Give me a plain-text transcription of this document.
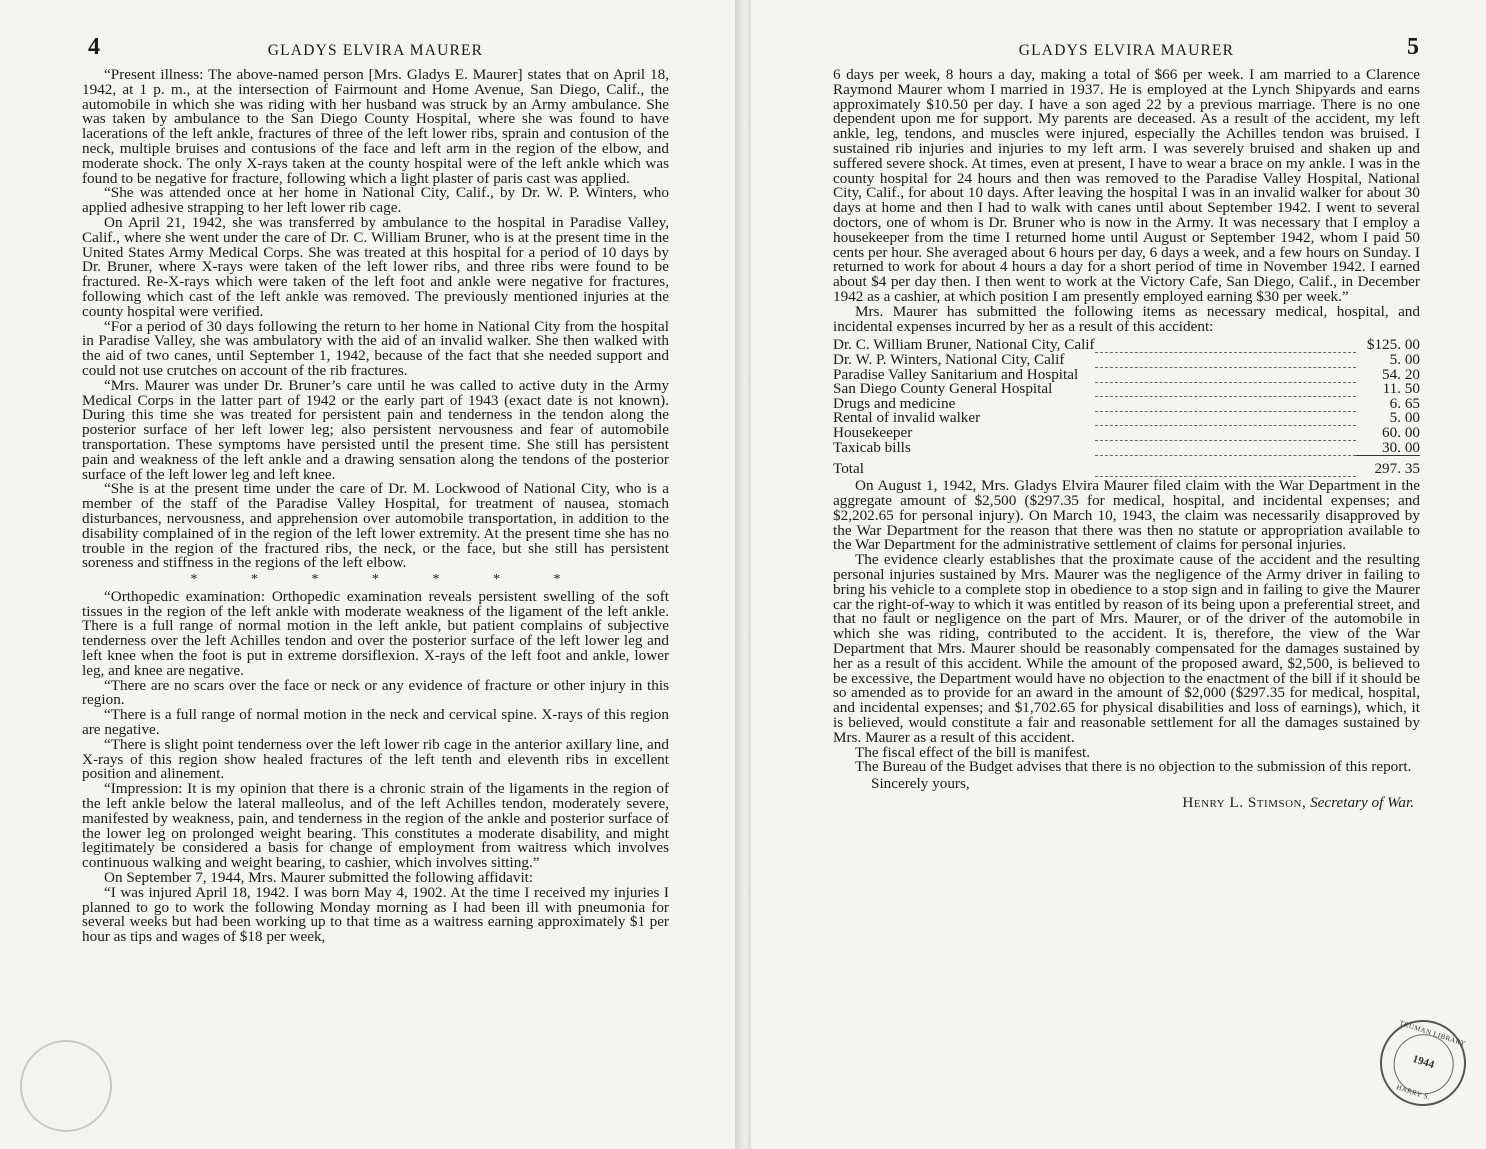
4	GLADYS ELVIRA MAURER

“Present illness: The above-named person [Mrs. Gladys E. Maurer] states that on April 18, 1942, at 1 p. m., at the intersection of Fairmount and Home Avenue, San Diego, Calif., the automobile in which she was riding with her husband was struck by an Army ambulance. She was taken by ambulance to the San Diego County Hospital, where she was found to have lacerations of the left ankle, fractures of three of the left lower ribs, sprain and contusion of the neck, multiple bruises and contusions of the face and left arm in the region of the elbow, and moderate shock. The only X-rays taken at the county hospital were of the left ankle which was found to be negative for fracture, following which a light plaster of paris cast was applied.

“She was attended once at her home in National City, Calif., by Dr. W. P. Winters, who applied adhesive strapping to her left lower rib cage.

On April 21, 1942, she was transferred by ambulance to the hospital in Paradise Valley, Calif., where she went under the care of Dr. C. William Bruner, who is at the present time in the United States Army Medical Corps. She was treated at this hospital for a period of 10 days by Dr. Bruner, where X-rays were taken of the left lower ribs, and three ribs were found to be fractured. Re-X-rays which were taken of the left foot and ankle were negative for fractures, following which cast of the left ankle was removed. The previously mentioned injuries at the county hospital were verified.

“For a period of 30 days following the return to her home in National City from the hospital in Paradise Valley, she was ambulatory with the aid of an invalid walker. She then walked with the aid of two canes, until September 1, 1942, because of the fact that she needed support and could not use crutches on account of the rib fractures.

“Mrs. Maurer was under Dr. Bruner’s care until he was called to active duty in the Army Medical Corps in the latter part of 1942 or the early part of 1943 (exact date is not known). During this time she was treated for persistent pain and tenderness in the tendon along the posterior surface of her left lower leg; also persistent nervousness and fear of automobile transportation. These symptoms have persisted until the present time. She still has persistent pain and weakness of the left ankle and a drawing sensation along the tendons of the posterior surface of the left lower leg and left knee.

“She is at the present time under the care of Dr. M. Lockwood of National City, who is a member of the staff of the Paradise Valley Hospital, for treatment of nausea, stomach disturbances, nervousness, and apprehension over automobile transportation, in addition to the disability complained of in the region of the left lower extremity. At the present time she has no trouble in the region of the fractured ribs, the neck, or the face, but she still has persistent soreness and stiffness in the regions of the left elbow.

* * * * * * *

“Orthopedic examination: Orthopedic examination reveals persistent swelling of the soft tissues in the region of the left ankle with moderate weakness of the ligament of the left ankle. There is a full range of normal motion in the left ankle, but patient complains of subjective tenderness over the left Achilles tendon and over the posterior surface of the left lower leg and left knee when the foot is put in extreme dorsiflexion. X-rays of the left foot and ankle, lower leg, and knee are negative.

“There are no scars over the face or neck or any evidence of fracture or other injury in this region.

“There is a full range of normal motion in the neck and cervical spine. X-rays of this region are negative.

“There is slight point tenderness over the left lower rib cage in the anterior axillary line, and X-rays of this region show healed fractures of the left tenth and eleventh ribs in excellent position and alinement.

“Impression: It is my opinion that there is a chronic strain of the ligaments in the region of the left ankle below the lateral malleolus, and of the left Achilles tendon, moderately severe, manifested by weakness, pain, and tenderness in the region of the ankle and posterior surface of the lower leg on prolonged weight bearing. This constitutes a moderate disability, and might legitimately be considered a basis for change of employment from waitress which involves continuous walking and weight bearing, to cashier, which involves sitting.”

On September 7, 1944, Mrs. Maurer submitted the following affidavit:

“I was injured April 18, 1942. I was born May 4, 1902. At the time I received my injuries I planned to go to work the following Monday morning as I had been ill with pneumonia for several weeks but had been working up to that time as a waitress earning approximately $1 per hour as tips and wages of $18 per week,

GLADYS ELVIRA MAURER	5

6 days per week, 8 hours a day, making a total of $66 per week. I am married to a Clarence Raymond Maurer whom I married in 1937. He is employed at the Lynch Shipyards and earns approximately $10.50 per day. I have a son aged 22 by a previous marriage. There is no one dependent upon me for support. My parents are deceased. As a result of the accident, my left ankle, leg, tendons, and muscles were injured, especially the Achilles tendon was bruised. I sustained rib injuries and injuries to my left arm. I was severely bruised and shaken up and suffered severe shock. At times, even at present, I have to wear a brace on my ankle. I was in the county hospital for 24 hours and then was removed to the Paradise Valley Hospital, National City, Calif., for about 10 days. After leaving the hospital I was in an invalid walker for about 30 days at home and then I had to walk with canes until about September 1942. I went to several doctors, one of whom is Dr. Bruner who is now in the Army. It was necessary that I employ a housekeeper from the time I returned home until August or September 1942, whom I paid 50 cents per hour. She averaged about 6 hours per day, 6 days a week, and a few hours on Sunday. I returned to work for about 4 hours a day for a short period of time in November 1942. I earned about $4 per day then. I then went to work at the Victory Cafe, San Diego, Calif., in December 1942 as a cashier, at which position I am presently employed earning $30 per week.”

Mrs. Maurer has submitted the following items as necessary medical, hospital, and incidental expenses incurred by her as a result of this accident:

Dr. C. William Bruner, National City, Calif		$125. 00
Dr. W. P. Winters, National City, Calif		5. 00
Paradise Valley Sanitarium and Hospital		54. 20
San Diego County General Hospital		11. 50
Drugs and medicine		6. 65
Rental of invalid walker		5. 00
Housekeeper		60. 00
Taxicab bills		30. 00

Total		297. 35

On August 1, 1942, Mrs. Gladys Elvira Maurer filed claim with the War Department in the aggregate amount of $2,500 ($297.35 for medical, hospital, and incidental expenses; and $2,202.65 for personal injury). On March 10, 1943, the claim was necessarily disapproved by the War Department for the reason that there was then no statute or appropriation available to the War Department for the administrative settlement of claims for personal injuries.

The evidence clearly establishes that the proximate cause of the accident and the resulting personal injuries sustained by Mrs. Maurer was the negligence of the Army driver in failing to bring his vehicle to a complete stop in obedience to a stop sign and in failing to give the Maurer car the right-of-way to which it was entitled by reason of its being upon a preferential street, and that no fault or negligence on the part of Mrs. Maurer, or of the driver of the automobile in which she was riding, contributed to the accident. It is, therefore, the view of the War Department that Mrs. Maurer should be reasonably compensated for the damages sustained by her as a result of this accident. While the amount of the proposed award, $2,500, is believed to be excessive, the Department would have no objection to the enactment of the bill if it should be so amended as to provide for an award in the amount of $2,000 ($297.35 for medical, hospital, and incidental expenses; and $1,702.65 for physical disabilities and loss of earnings), which, it is believed, would constitute a fair and reasonable settlement for all the damages sustained by Mrs. Maurer as a result of this accident.

The fiscal effect of the bill is manifest.

The Bureau of the Budget advises that there is no objection to the submission of this report.

Sincerely yours,
Henry L. Stimson, Secretary of War.
TRUMAN LIBRARY
1944
HARRY S.
